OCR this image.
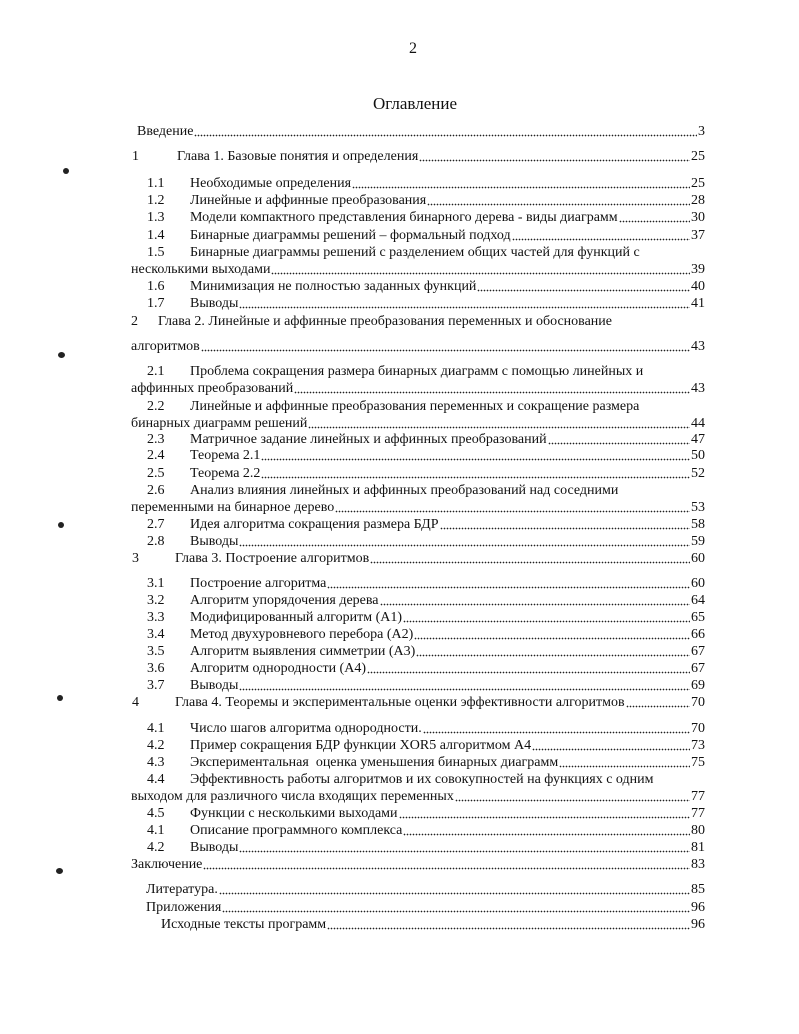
2
Оглавление
Введение	3
1	Глава 1. Базовые понятия и определения	25
1.1	Необходимые определения	25
1.2	Линейные и аффинные преобразования	28
1.3	Модели компактного представления бинарного дерева - виды диаграмм	30
1.4	Бинарные диаграммы решений – формальный подход	37
1.5	Бинарные диаграммы решений с разделением общих частей для функций с
несколькими выходами	39
1.6	Минимизация не полностью заданных функций	40
1.7	Выводы	41
2	Глава 2. Линейные и аффинные преобразования переменных и обоснование
алгоритмов	43
2.1	Проблема сокращения размера бинарных диаграмм с помощью линейных и
аффинных преобразований	43
2.2	Линейные и аффинные преобразования переменных и сокращение размера
бинарных диаграмм решений	44
2.3	Матричное задание линейных и аффинных преобразований	47
2.4	Теорема 2.1	50
2.5	Теорема 2.2	52
2.6	Анализ влияния линейных и аффинных преобразований над соседними
переменными на бинарное дерево	53
2.7	Идея алгоритма сокращения размера БДР	58
2.8	Выводы	59
3	Глава 3. Построение алгоритмов	60
3.1	Построение алгоритма	60
3.2	Алгоритм упорядочения дерева	64
3.3	Модифицированный алгоритм (А1)	65
3.4	Метод двухуровневого перебора (А2)	66
3.5	Алгоритм выявления симметрии (А3)	67
3.6	Алгоритм однородности (А4)	67
3.7	Выводы	69
4	Глава 4. Теоремы и экспериментальные оценки эффективности алгоритмов	70
4.1	Число шагов алгоритма однородности.	70
4.2	Пример сокращения БДР функции XOR5 алгоритмом А4	73
4.3	Экспериментальная  оценка уменьшения бинарных диаграмм	75
4.4	Эффективность работы алгоритмов и их совокупностей на функциях с одним
выходом для различного числа входящих переменных	77
4.5	Функции с несколькими выходами	77
4.1	Описание программного комплекса	80
4.2	Выводы	81
Заключение	83
Литература.	85
Приложения	96
Исходные тексты программ	96
